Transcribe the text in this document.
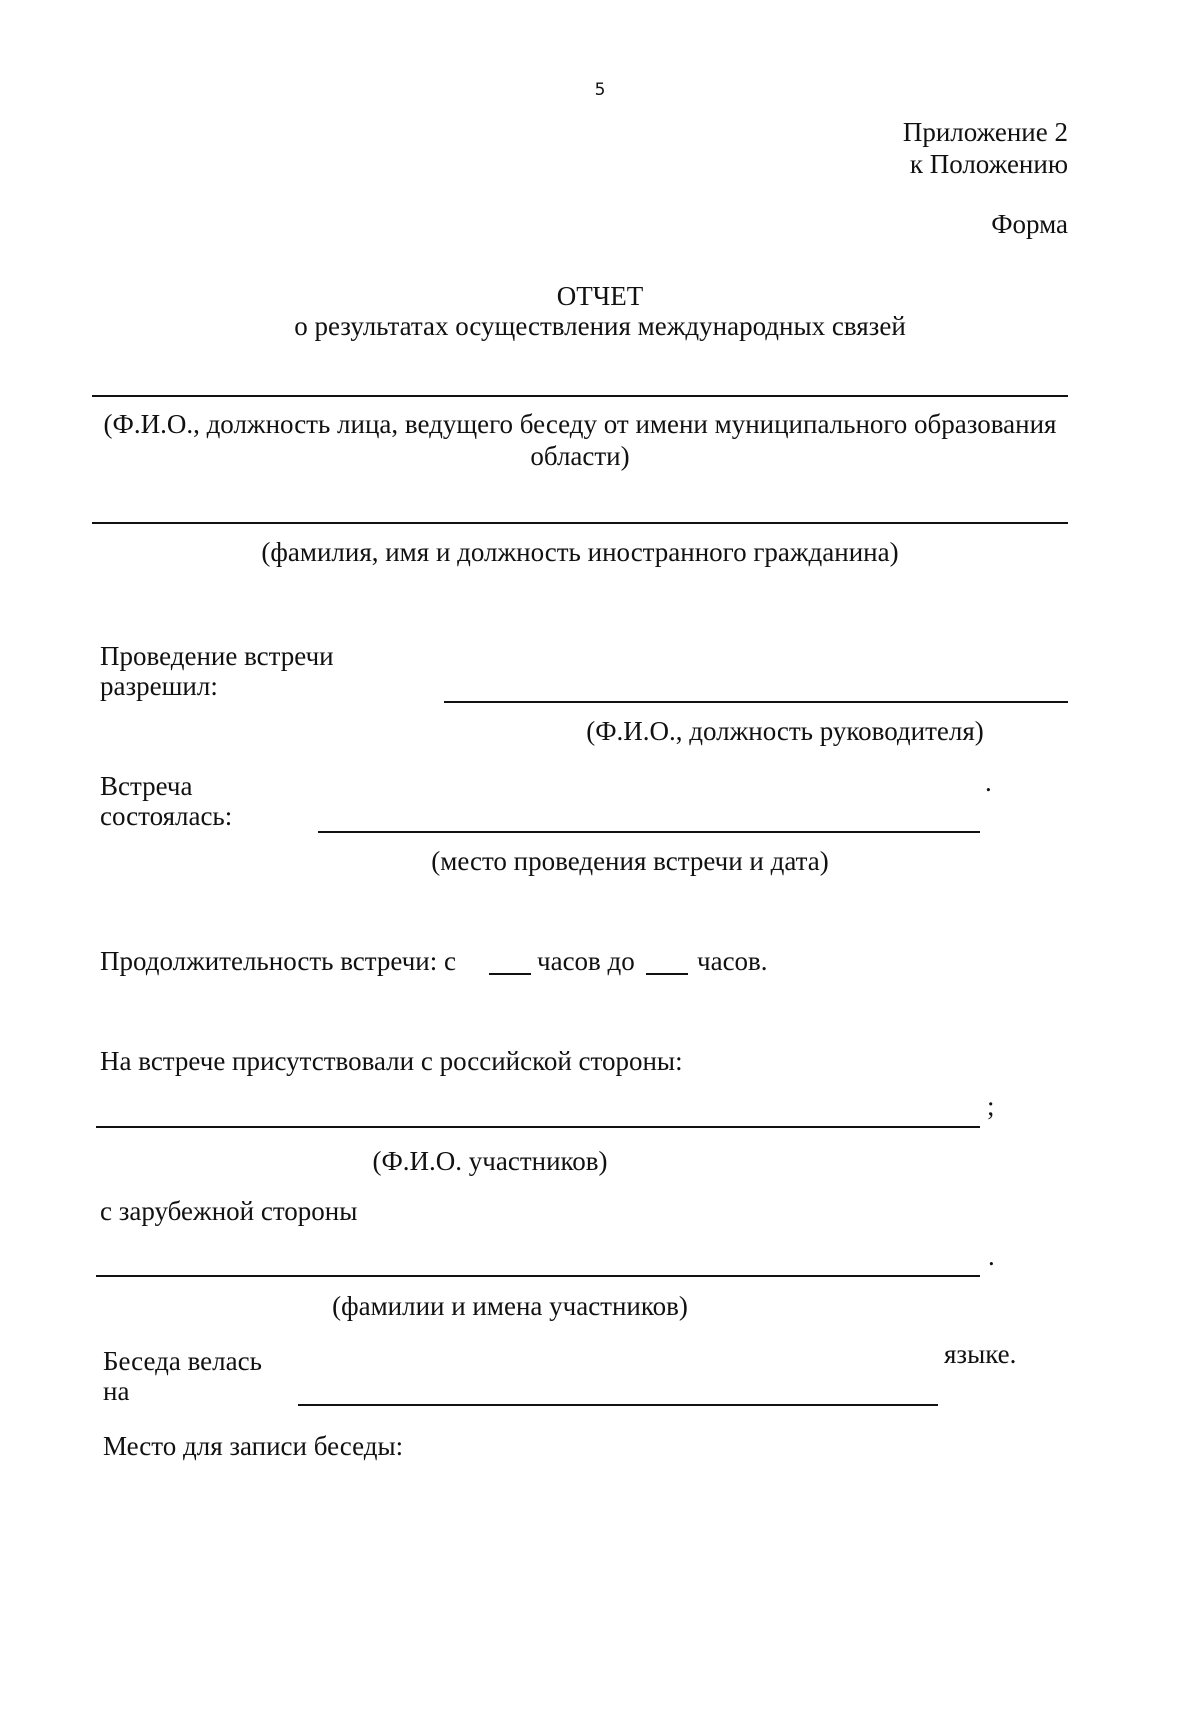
5
Приложение 2
к Положению
Форма
ОТЧЕТ
о результатах осуществления международных связей
(Ф.И.О., должность лица, ведущего беседу от имени муниципального образования
области)
(фамилия, имя и должность иностранного гражданина)
Проведение встречи
разрешил:
(Ф.И.О., должность руководителя)
Встреча
состоялась:
.
(место проведения встречи и дата)
Продолжительность встречи: с	часов до часов.
На встрече присутствовали с российской стороны:
;
(Ф.И.О. участников)
с зарубежной стороны
.
(фамилии и имена участников)
Беседа велась
на
языке.
Место для записи беседы:
